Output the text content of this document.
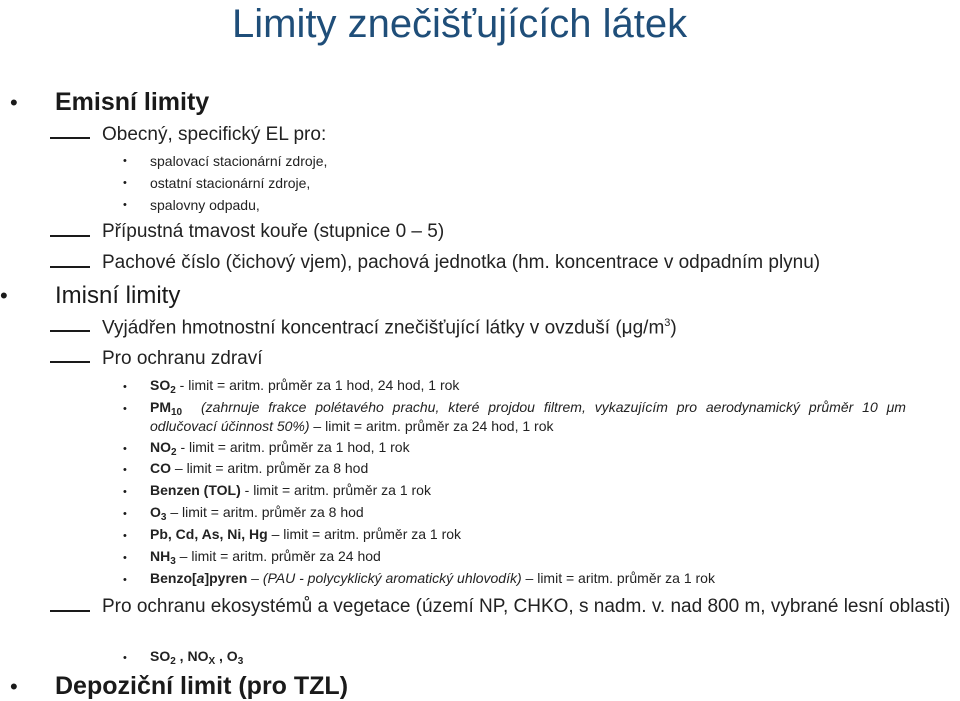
Limity znečišťujících látek
• Emisní limity
Obecný, specifický EL pro:
• spalovací stacionární zdroje,
• ostatní stacionární zdroje,
• spalovny odpadu,
Přípustná tmavost kouře (stupnice 0 – 5)
Pachové číslo (čichový vjem), pachová jednotka (hm. koncentrace v odpadním plynu)
• Imisní limity
Vyjádřen hmotnostní koncentrací znečišťující látky v ovzduší $(\mu g/m^3)$
Pro ochranu zdraví
• $SO_2$ - limit = aritm. průměr za 1 hod, 24 hod, 1 rok
• $PM_{10}$ (zahrnuje frakce polétavého prachu, které projdou filtrem, vykazujícím pro aerodynamický průměr 10 μm
odlučovací účinnost 50%) – limit = aritm. průměr za 24 hod, 1 rok
• $NO_2$ - limit = aritm. průměr za 1 hod, 1 rok
• CO – limit = aritm. průměr za 8 hod
• Benzen (TOL) - limit = aritm. průměr za 1 rok
• $O_3$ – limit = aritm. průměr za 8 hod
• Pb, Cd, As, Ni, Hg – limit = aritm. průměr za 1 rok
• $NH_3$ – limit = aritm. průměr za 24 hod
• Benzo[a]pyren – (PAU - polycyklický aromatický uhlovodík) – limit = aritm. průměr za 1 rok
Pro ochranu ekosystémů a vegetace (území NP, CHKO, s nadm. v. nad 800 m, vybrané lesní oblasti)
• $SO_2$ , $NO_X$ , $O_3$
• Depoziční limit (pro TZL)
